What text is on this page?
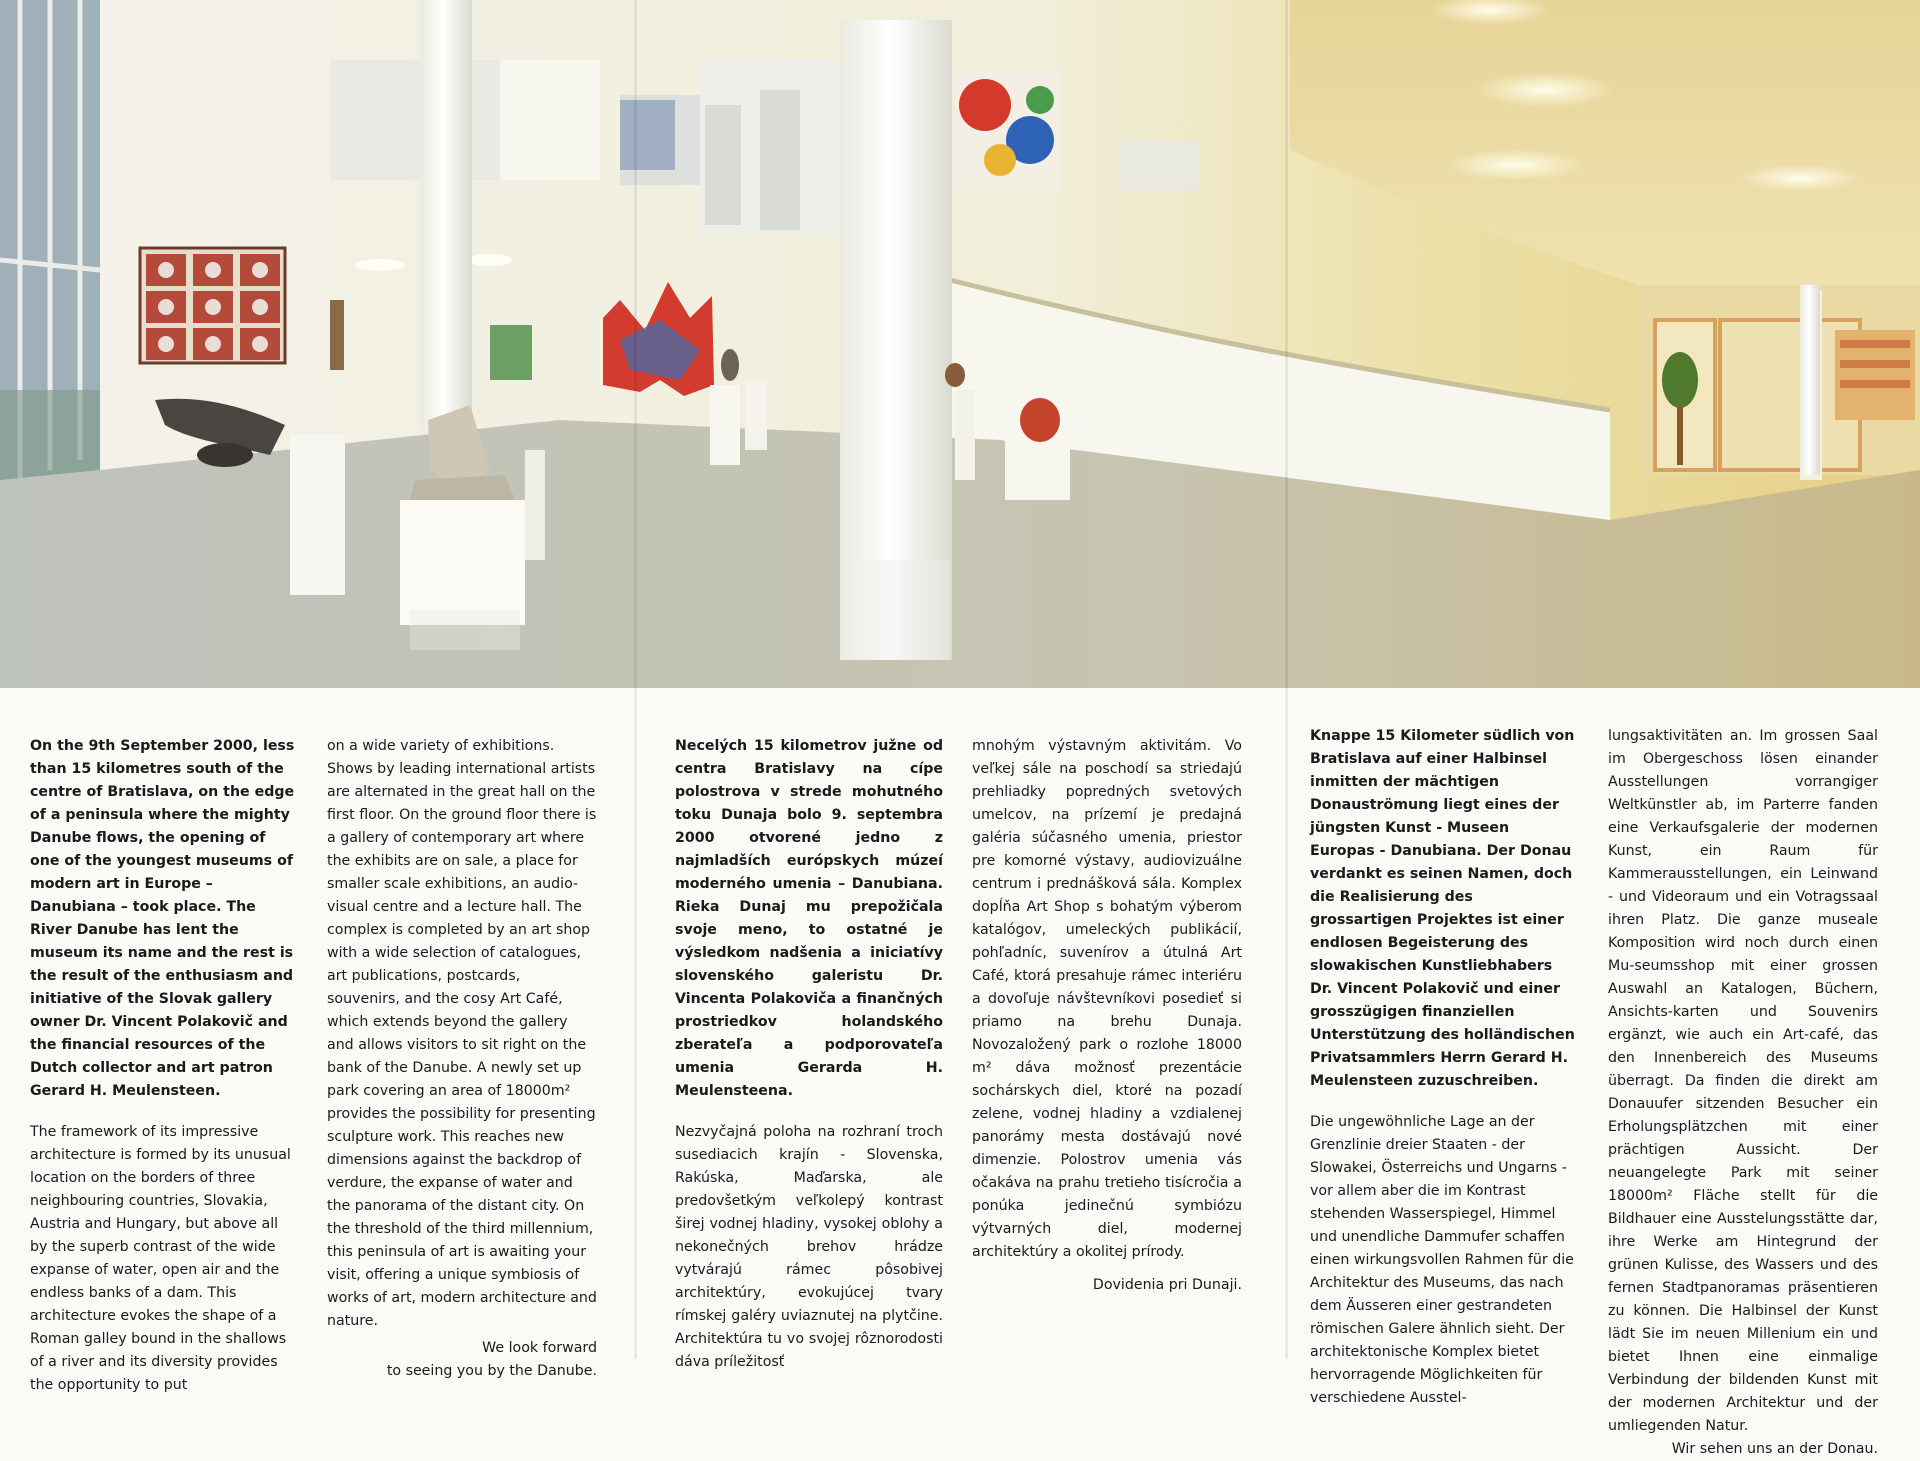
On the 9th September 2000, less than 15 kilometres south of the centre of Bratislava, on the edge of a peninsula where the mighty Danube flows, the opening of one of the youngest museums of modern art in Europe – Danubiana – took place. The River Danube has lent the museum its name and the rest is the result of the enthusiasm and initiative of the Slovak gallery owner Dr. Vincent Polakovič and the financial resources of the Dutch collector and art patron Gerard H. Meulensteen.

The framework of its impressive architecture is formed by its unusual location on the borders of three neighbouring countries, Slovakia, Austria and Hungary, but above all by the superb contrast of the wide expanse of water, open air and the endless banks of a dam. This architecture evokes the shape of a Roman galley bound in the shallows of a river and its diversity provides the opportunity to put

on a wide variety of exhibitions. Shows by leading international artists are alternated in the great hall on the first floor. On the ground floor there is a gallery of contemporary art where the exhibits are on sale, a place for smaller scale exhibitions, an audio-visual centre and a lecture hall. The complex is completed by an art shop with a wide selection of catalogues, art publications, postcards, souvenirs, and the cosy Art Café, which extends beyond the gallery and allows visitors to sit right on the bank of the Danube. A newly set up park covering an area of 18000m² provides the possibility for presenting sculpture work. This reaches new dimensions against the backdrop of verdure, the expanse of water and the panorama of the distant city. On the threshold of the third millennium, this peninsula of art is awaiting your visit, offering a unique symbiosis of works of art, modern architecture and nature.

We look forward

to seeing you by the Danube.

Necelých 15 kilometrov južne od centra Bratislavy na cípe polostrova v strede mohutného toku Dunaja bolo 9. septembra 2000 otvorené jedno z najmladších európskych múzeí moderného umenia – Danubiana. Rieka Dunaj mu prepožičala svoje meno, to ostatné je výsledkom nadšenia a iniciatívy slovenského galeristu Dr. Vincenta Polakoviča a finančných prostriedkov holandského zberateľa a podporovateľa umenia Gerarda H. Meulensteena.

Nezvyčajná poloha na rozhraní troch susediacich krajín - Slovenska, Rakúska, Maďarska, ale predovšetkým veľkolepý kontrast širej vodnej hladiny, vysokej oblohy a nekonečných brehov hrádze vytvárajú rámec pôsobivej architektúry, evokujúcej tvary rímskej galéry uviaznutej na plytčine. Architektúra tu vo svojej rôznorodosti dáva príležitosť

mnohým výstavným aktivitám. Vo veľkej sále na poschodí sa striedajú prehliadky popredných svetových umelcov, na prízemí je predajná galéria súčasného umenia, priestor pre komorné výstavy, audiovizuálne centrum i prednášková sála. Komplex dopĺňa Art Shop s bohatým výberom katalógov, umeleckých publikácií, pohľadníc, suvenírov a útulná Art Café, ktorá presahuje rámec interiéru a dovoľuje návštevníkovi posedieť si priamo na brehu Dunaja. Novozaložený park o rozlohe 18000 m² dáva možnosť prezentácie sochárskych diel, ktoré na pozadí zelene, vodnej hladiny a vzdialenej panorámy mesta dostávajú nové dimenzie. Polostrov umenia vás očakáva na prahu tretieho tisícročia a ponúka jedinečnú symbiózu výtvarných diel, modernej architektúry a okolitej prírody.

Dovidenia pri Dunaji.

Knappe 15 Kilometer südlich von Bratislava auf einer Halbinsel inmitten der mächtigen Donauströmung liegt eines der jüngsten Kunst - Museen Europas - Danubiana. Der Donau verdankt es seinen Namen, doch die Realisierung des grossartigen Projektes ist einer endlosen Begeisterung des slowakischen Kunstliebhabers Dr. Vincent Polakovič und einer grosszügigen finanziellen Unterstützung des holländischen Privatsammlers Herrn Gerard H. Meulensteen zuzuschreiben.

Die ungewöhnliche Lage an der Grenzlinie dreier Staaten - der Slowakei, Österreichs und Ungarns - vor allem aber die im Kontrast stehenden Wasserspiegel, Himmel und unendliche Dammufer schaffen einen wirkungsvollen Rahmen für die Architektur des Museums, das nach dem Äusseren einer gestrandeten römischen Galere ähnlich sieht. Der architektonische Komplex bietet hervorragende Möglichkeiten für verschiedene Ausstel-

lungsaktivitäten an. Im grossen Saal im Obergeschoss lösen einander Ausstellungen vorrangiger Weltkünstler ab, im Parterre fanden eine Verkaufsgalerie der modernen Kunst, ein Raum für Kammerausstellungen, ein Leinwand - und Videoraum und ein Votragssaal ihren Platz. Die ganze museale Komposition wird noch durch einen Mu-seumsshop mit einer grossen Auswahl an Katalogen, Büchern, Ansichts-karten und Souvenirs ergänzt, wie auch ein Art-café, das den Innenbereich des Museums überragt. Da finden die direkt am Donauufer sitzenden Besucher ein Erholungsplätzchen mit einer prächtigen Aussicht. Der neuangelegte Park mit seiner 18000m² Fläche stellt für die Bildhauer eine Ausstelungsstätte dar, ihre Werke am Hintegrund der grünen Kulisse, des Wassers und des fernen Stadtpanoramas präsentieren zu können. Die Halbinsel der Kunst lädt Sie im neuen Millenium ein und bietet Ihnen eine einmalige Verbindung der bildenden Kunst mit der modernen Architektur und der umliegenden Natur.

Wir sehen uns an der Donau.
